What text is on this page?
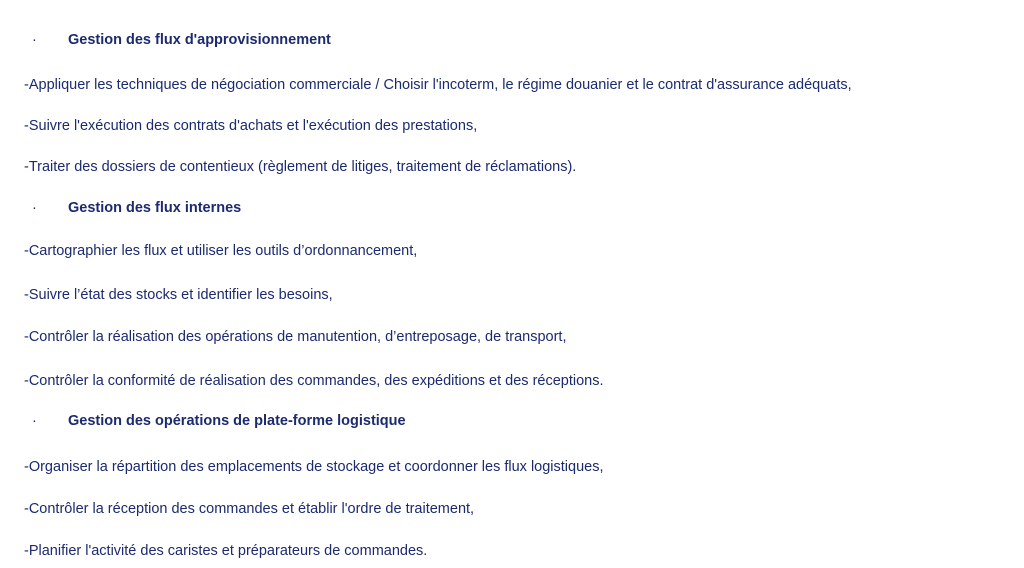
· Gestion des flux d'approvisionnement
-Appliquer les techniques de négociation commerciale / Choisir l'incoterm, le régime douanier et le contrat d'assurance adéquats,
-Suivre l'exécution des contrats d'achats et l'exécution des prestations,
-Traiter des dossiers de contentieux (règlement de litiges, traitement de réclamations).
· Gestion des flux internes
-Cartographier les flux et utiliser les outils d’ordonnancement,
-Suivre l’état des stocks et identifier les besoins,
-Contrôler la réalisation des opérations de manutention, d’entreposage, de transport,
-Contrôler la conformité de réalisation des commandes, des expéditions et des réceptions.
· Gestion des opérations de plate-forme logistique
-Organiser la répartition des emplacements de stockage et coordonner les flux logistiques,
-Contrôler la réception des commandes et établir l'ordre de traitement,
-Planifier l'activité des caristes et préparateurs de commandes.
